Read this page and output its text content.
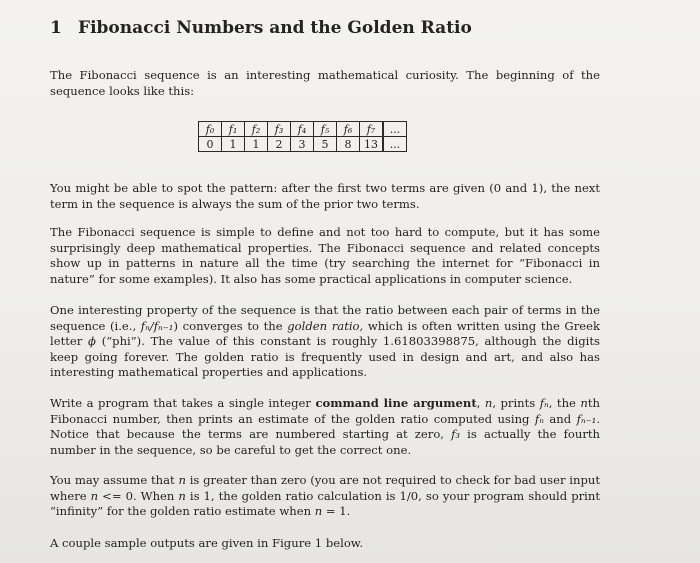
1 Fibonacci Numbers and the Golden Ratio
The Fibonacci sequence is an interesting mathematical curiosity. The beginning of the sequence looks like this:
f₀	f₁	f₂	f₃	f₄	f₅	f₆	f₇	...
0	1	1	2	3	5	8	13	...
You might be able to spot the pattern: after the first two terms are given (0 and 1), the next term in the sequence is always the sum of the prior two terms.
The Fibonacci sequence is simple to define and not too hard to compute, but it has some surprisingly deep mathematical properties. The Fibonacci sequence and related concepts show up in patterns in nature all the time (try searching the internet for “Fibonacci in nature” for some examples). It also has some practical applications in computer science.
One interesting property of the sequence is that the ratio between each pair of terms in the sequence (i.e., fₙ/fₙ₋₁) converges to the golden ratio, which is often written using the Greek letter ϕ (“phi”). The value of this constant is roughly 1.61803398875, although the digits keep going forever. The golden ratio is frequently used in design and art, and also has interesting mathematical properties and applications.
Write a program that takes a single integer command line argument, n, prints fₙ, the nth Fibonacci number, then prints an estimate of the golden ratio computed using fₙ and fₙ₋₁. Notice that because the terms are numbered starting at zero, f₃ is actually the fourth number in the sequence, so be careful to get the correct one.
You may assume that n is greater than zero (you are not required to check for bad user input where n <= 0. When n is 1, the golden ratio calculation is 1/0, so your program should print “infinity” for the golden ratio estimate when n = 1.
A couple sample outputs are given in Figure 1 below.
